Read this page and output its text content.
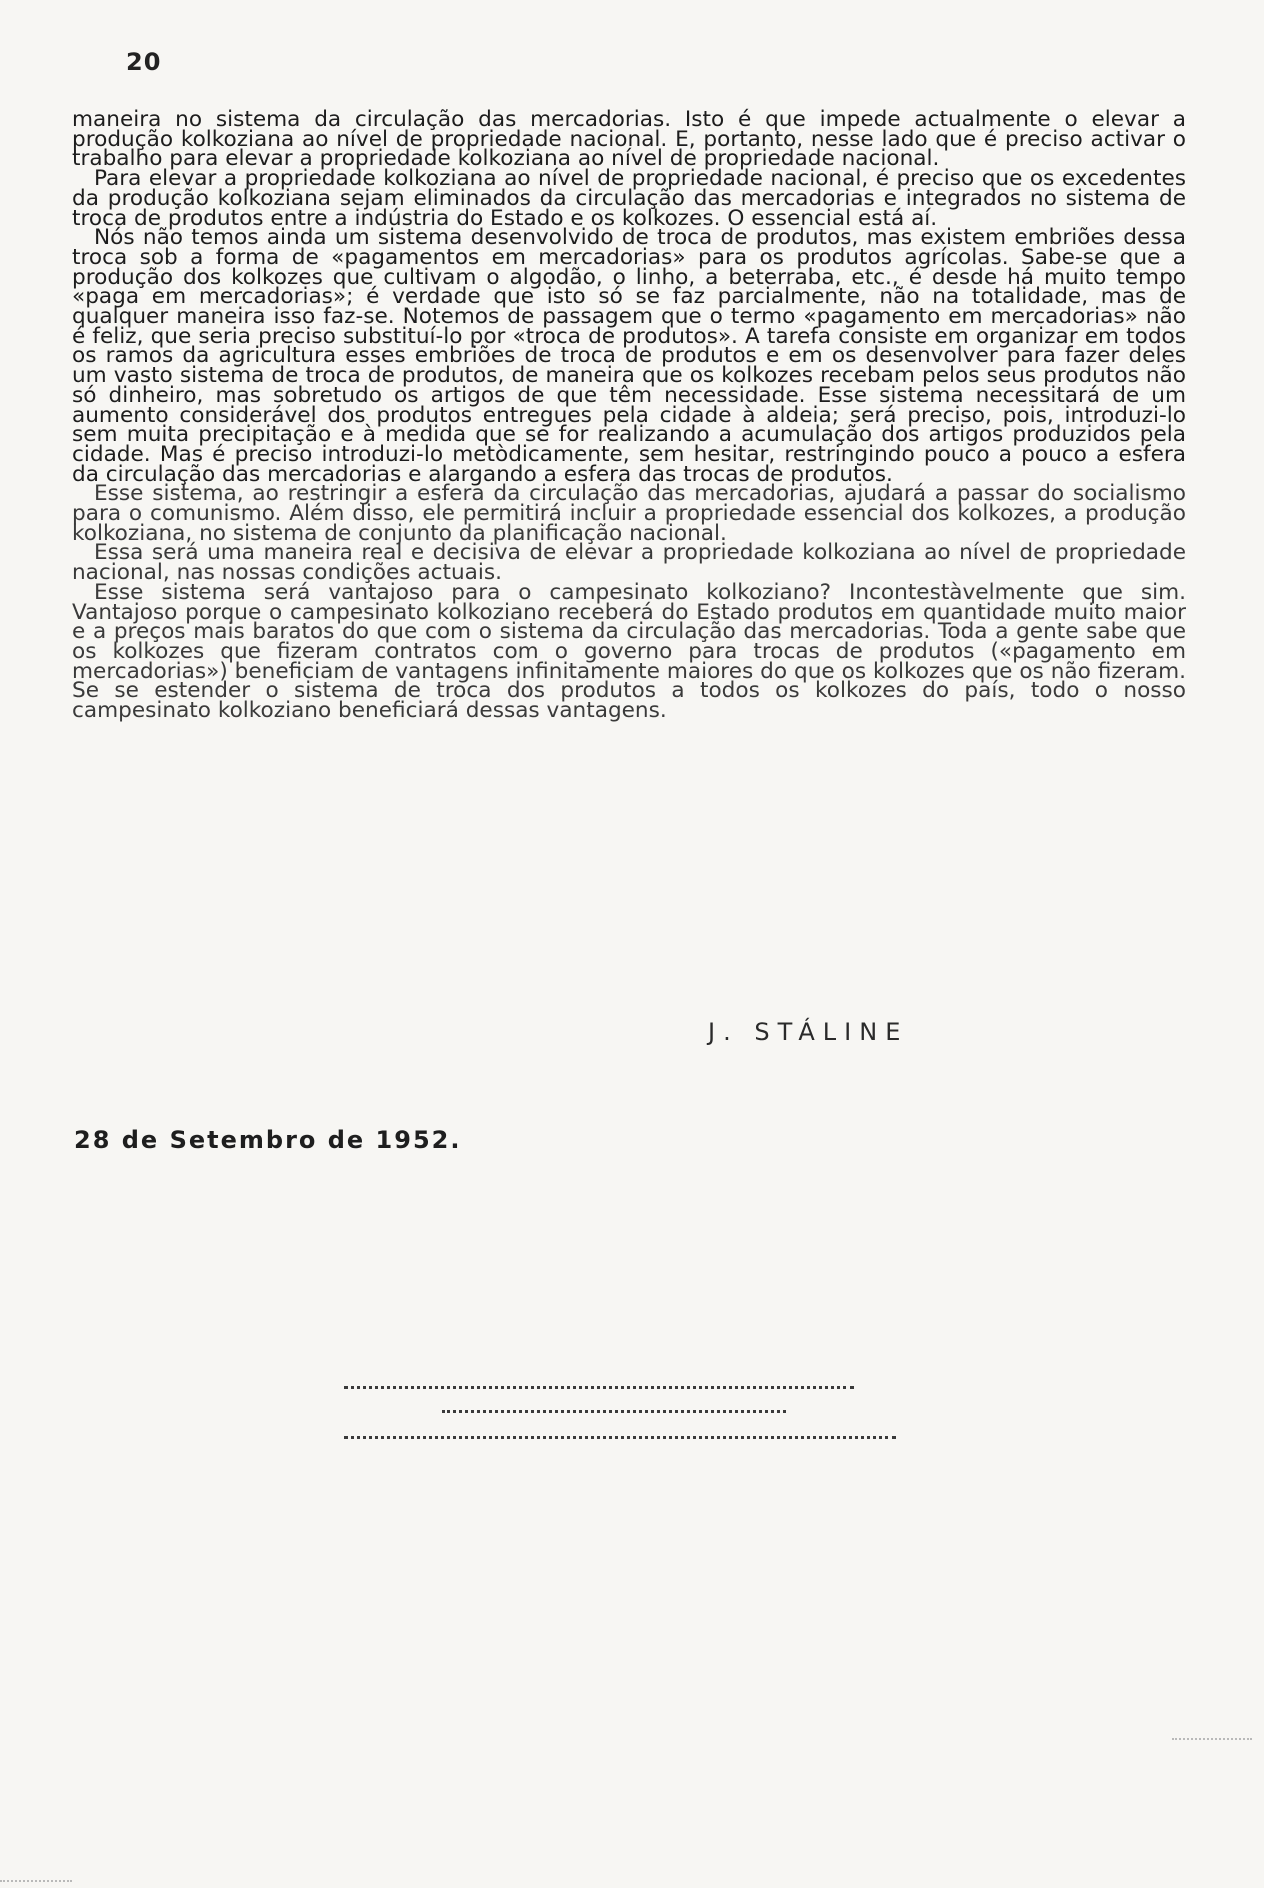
20

maneira no sistema da circulação das mercadorias. Isto é que impede actualmente o elevar a produção kolkoziana ao nível de propriedade nacional. E, portanto, nesse lado que é preciso activar o trabalho para elevar a propriedade kolkoziana ao nível de propriedade nacional.

Para elevar a propriedade kolkoziana ao nível de propriedade nacional, é preciso que os excedentes da produção kolkoziana sejam eliminados da circulação das mercadorias e integrados no sistema de troca de produtos entre a indústria do Estado e os kolkozes. O essencial está aí.

Nós não temos ainda um sistema desenvolvido de troca de produtos, mas existem embriões dessa troca sob a forma de «pagamentos em mercadorias» para os produtos agrícolas. Sabe-se que a produção dos kolkozes que cultivam o algodão, o linho, a beterraba, etc., é desde há muito tempo «paga em mercadorias»; é verdade que isto só se faz parcialmente, não na totalidade, mas de qualquer maneira isso faz-se. Notemos de passagem que o termo «pagamento em mercadorias» não é feliz, que seria preciso substituí-lo por «troca de produtos». A tarefa consiste em organizar em todos os ramos da agricultura esses embriões de troca de produtos e em os desenvolver para fazer deles um vasto sistema de troca de produtos, de maneira que os kolkozes recebam pelos seus produtos não só dinheiro, mas sobretudo os artigos de que têm necessidade. Esse sistema necessitará de um aumento considerável dos produtos entregues pela cidade à aldeia; será preciso, pois, introduzi-lo sem muita precipitação e à medida que se for realizando a acumulação dos artigos produzidos pela cidade. Mas é preciso introduzi-lo metòdicamente, sem hesitar, restringindo pouco a pouco a esfera da circulação das mercadorias e alargando a esfera das trocas de produtos.

Esse sistema, ao restringir a esfera da circulação das mercadorias, ajudará a passar do socialismo para o comunismo. Além disso, ele permitirá incluir a propriedade essencial dos kolkozes, a produção kolkoziana, no sistema de conjunto da planificação nacional.

Essa será uma maneira real e decisiva de elevar a propriedade kolkoziana ao nível de propriedade nacional, nas nossas condições actuais.

Esse sistema será vantajoso para o campesinato kolkoziano? Incontestàvelmente que sim. Vantajoso porque o campesinato kolkoziano receberá do Estado produtos em quantidade muito maior e a preços mais baratos do que com o sistema da circulação das mercadorias. Toda a gente sabe que os kolkozes que fizeram contratos com o governo para trocas de produtos («pagamento em mercadorias») beneficiam de vantagens infinitamente maiores do que os kolkozes que os não fizeram. Se se estender o sistema de troca dos produtos a todos os kolkozes do país, todo o nosso campesinato kolkoziano beneficiará dessas vantagens.

J. STÁLINE
28 de Setembro de 1952.
